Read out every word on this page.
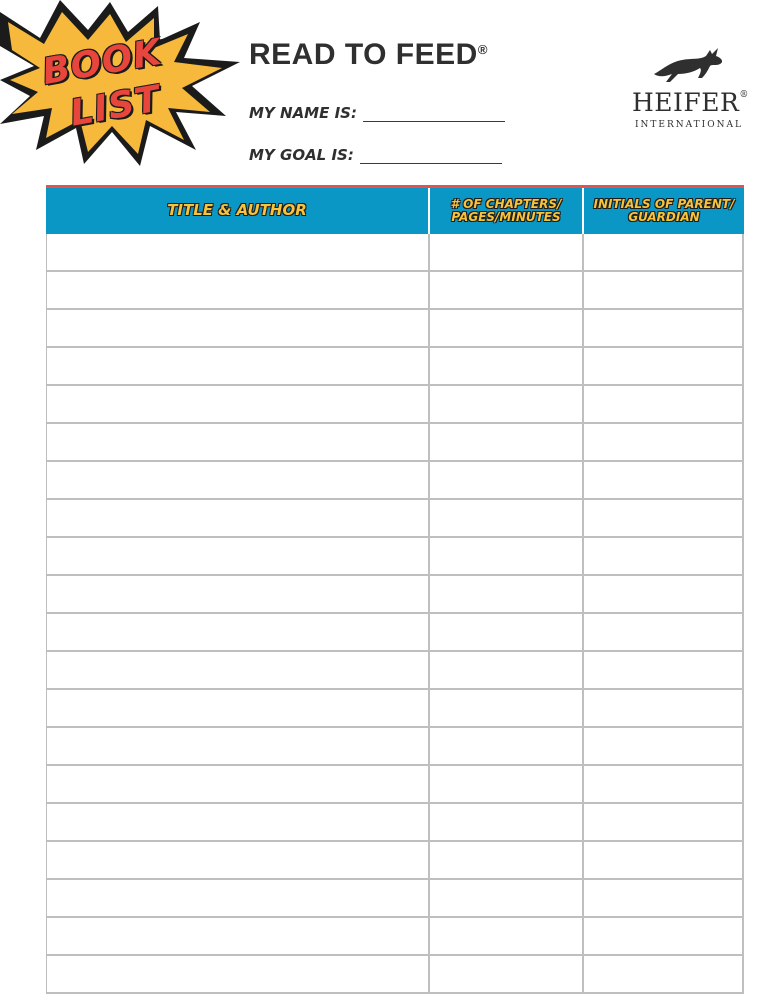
BOOK
LIST
READ TO FEED®
MY NAME IS:
MY GOAL IS:
HEIFER®
INTERNATIONAL
TITLE & AUTHOR	# OF CHAPTERS/
PAGES/MINUTES
INITIALS OF PARENT/
GUARDIAN
